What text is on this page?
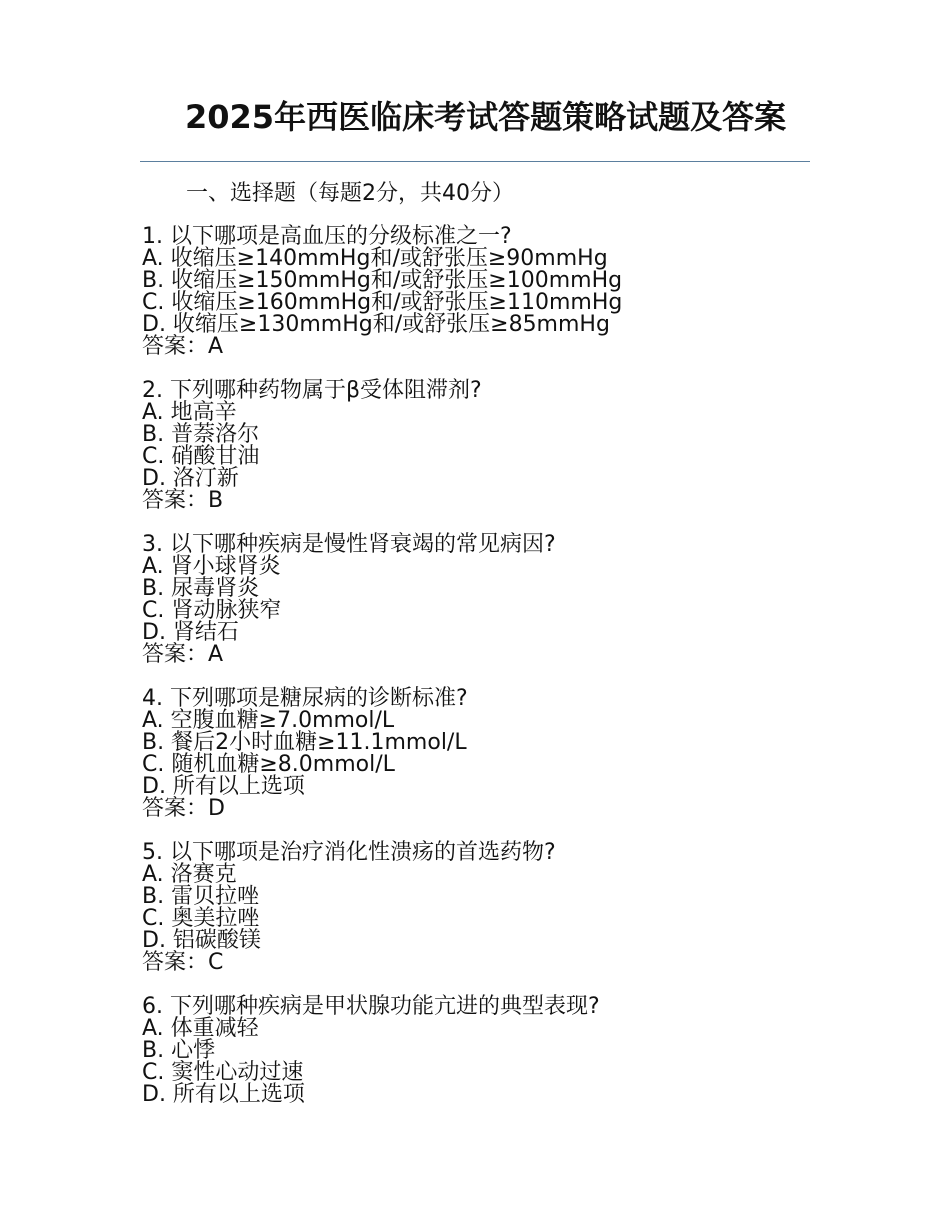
2025年西医临床考试答题策略试题及答案

一、选择题（每题2分，共40分）

1. 以下哪项是高血压的分级标准之一?
A. 收缩压≥140mmHg和/或舒张压≥90mmHg
B. 收缩压≥150mmHg和/或舒张压≥100mmHg
C. 收缩压≥160mmHg和/或舒张压≥110mmHg
D. 收缩压≥130mmHg和/或舒张压≥85mmHg
答案：A
2. 下列哪种药物属于β受体阻滞剂?
A. 地高辛
B. 普萘洛尔
C. 硝酸甘油
D. 洛汀新
答案：B
3. 以下哪种疾病是慢性肾衰竭的常见病因?
A. 肾小球肾炎
B. 尿毒肾炎
C. 肾动脉狭窄
D. 肾结石
答案：A
4. 下列哪项是糖尿病的诊断标准?
A. 空腹血糖≥7.0mmol/L
B. 餐后2小时血糖≥11.1mmol/L
C. 随机血糖≥8.0mmol/L
D. 所有以上选项
答案：D
5. 以下哪项是治疗消化性溃疡的首选药物?
A. 洛赛克
B. 雷贝拉唑
C. 奥美拉唑
D. 铝碳酸镁
答案：C
6. 下列哪种疾病是甲状腺功能亢进的典型表现?
A. 体重减轻
B. 心悸
C. 窦性心动过速
D. 所有以上选项
